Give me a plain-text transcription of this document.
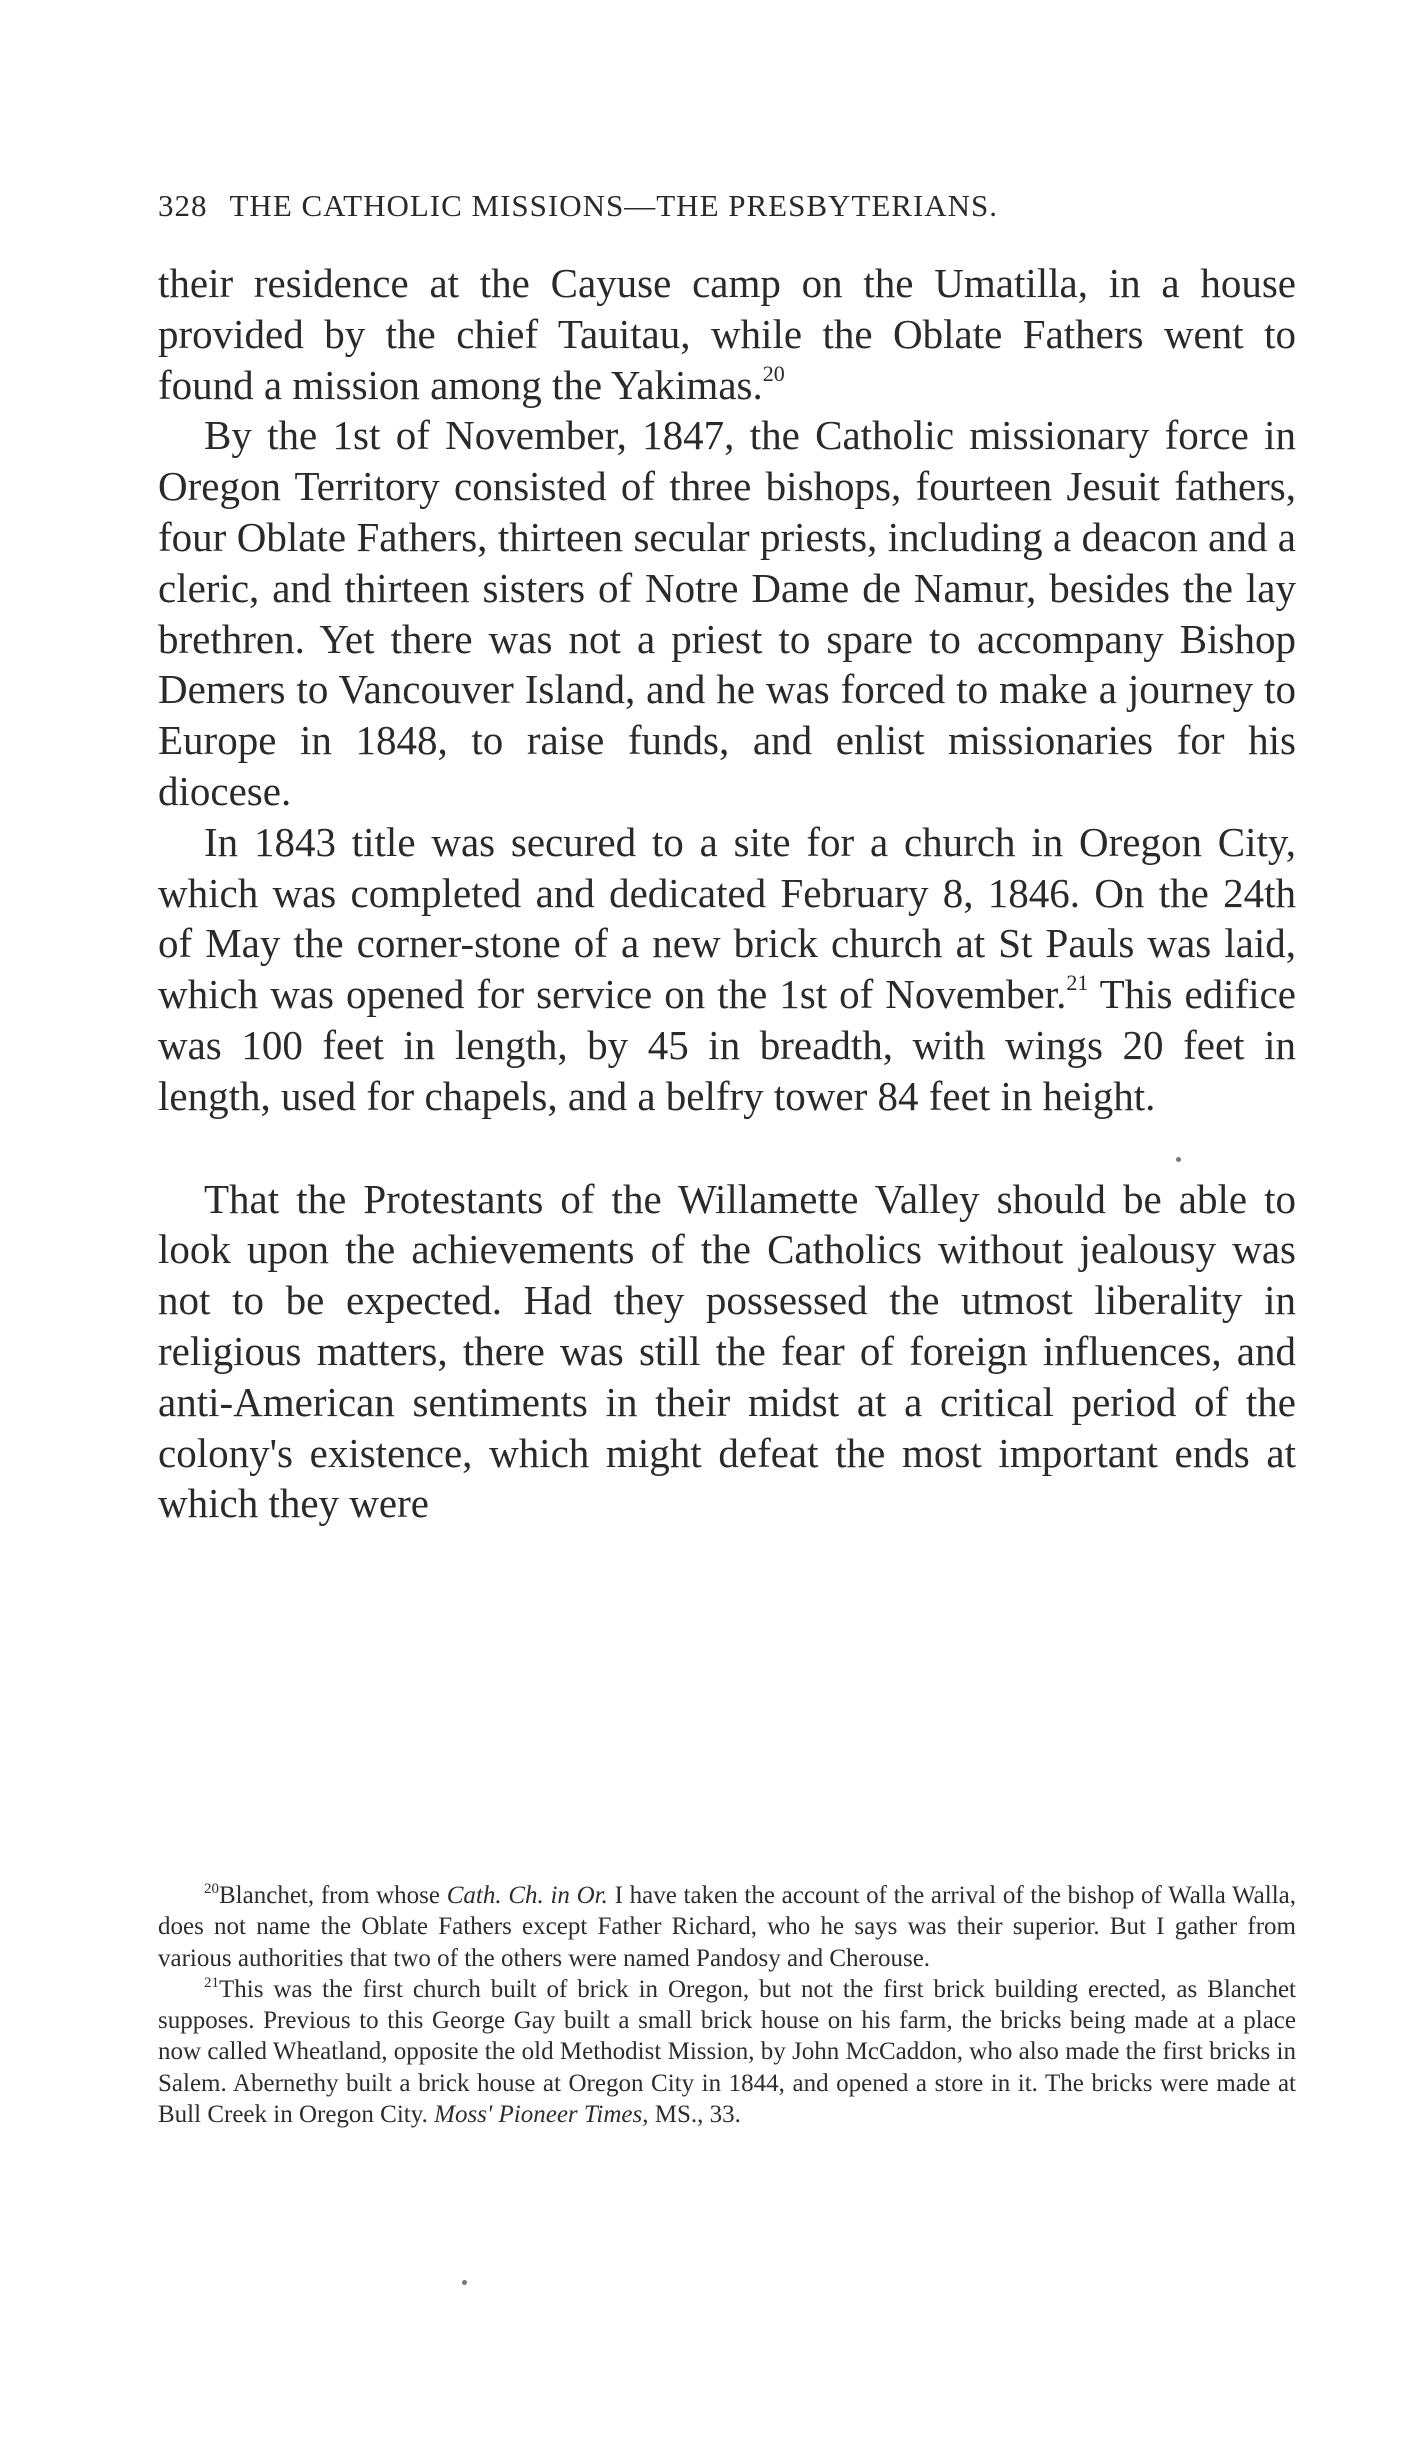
328 THE CATHOLIC MISSIONS—THE PRESBYTERIANS.

their residence at the Cayuse camp on the Umatilla, in a house provided by the chief Tauitau, while the Oblate Fathers went to found a mission among the Yakimas.$^{20}$

By the 1st of November, 1847, the Catholic missionary force in Oregon Territory consisted of three bishops, fourteen Jesuit fathers, four Oblate Fathers, thirteen secular priests, including a deacon and a cleric, and thirteen sisters of Notre Dame de Namur, besides the lay brethren. Yet there was not a priest to spare to accompany Bishop Demers to Vancouver Island, and he was forced to make a journey to Europe in 1848, to raise funds, and enlist missionaries for his diocese.

In 1843 title was secured to a site for a church in Oregon City, which was completed and dedicated February 8, 1846. On the 24th of May the corner-stone of a new brick church at St Pauls was laid, which was opened for service on the 1st of November.$^{21}$ This edifice was 100 feet in length, by 45 in breadth, with wings 20 feet in length, used for chapels, and a belfry tower 84 feet in height.

That the Protestants of the Willamette Valley should be able to look upon the achievements of the Catholics without jealousy was not to be expected. Had they possessed the utmost liberality in religious matters, there was still the fear of foreign influences, and anti-American sentiments in their midst at a critical period of the colony's existence, which might defeat the most important ends at which they were

$^{20}$Blanchet, from whose Cath. Ch. in Or. I have taken the account of the arrival of the bishop of Walla Walla, does not name the Oblate Fathers except Father Richard, who he says was their superior. But I gather from various authorities that two of the others were named Pandosy and Cherouse.

$^{21}$This was the first church built of brick in Oregon, but not the first brick building erected, as Blanchet supposes. Previous to this George Gay built a small brick house on his farm, the bricks being made at a place now called Wheatland, opposite the old Methodist Mission, by John McCaddon, who also made the first bricks in Salem. Abernethy built a brick house at Oregon City in 1844, and opened a store in it. The bricks were made at Bull Creek in Oregon City. Moss' Pioneer Times, MS., 33.
